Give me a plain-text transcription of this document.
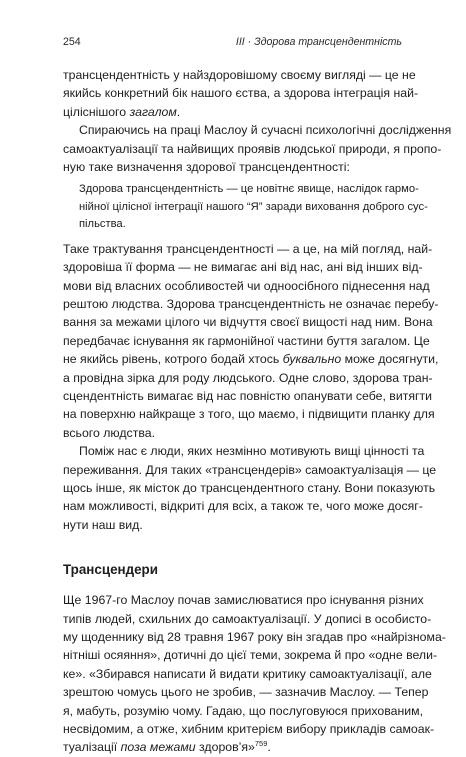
254	III · Здорова трансцендентність
трансцендентність у найздоровішому своєму вигляді — це не
якийсь конкретний бік нашого єства, а здорова інтеграція най-
ціліснішого загалом.
Спираючись на праці Маслоу й сучасні психологічні дослідження
самоактуалізації та найвищих проявів людської природи, я пропо-
ную таке визначення здорової трансцендентності:
Здорова трансцендентність — це новітнє явище, наслідок гармо-
нійної цілісної інтеграції нашого “Я” заради виховання доброго сус-
пільства.
Таке трактування трансцендентності — а це, на мій погляд, най-
здоровіша її форма — не вимагає ані від нас, ані від інших від-
мови від власних особливостей чи одноосібного піднесення над
рештою людства. Здорова трансцендентність не означає перебу-
вання за межами цілого чи відчуття своєї вищості над ним. Вона
передбачає існування як гармонійної частини буття загалом. Це
не якийсь рівень, котрого бодай хтось буквально може досягнути,
а провідна зірка для роду людського. Одне слово, здорова тран-
сцендентність вимагає від нас повністю опанувати себе, витягти
на поверхню найкраще з того, що маємо, і підвищити планку для
всього людства.
Поміж нас є люди, яких незмінно мотивують вищі цінності та
переживання. Для таких «трансцендерів» самоактуалізація — це
щось інше, як місток до трансцендентного стану. Вони показують
нам можливості, відкриті для всіх, а також те, чого може досяг-
нути наш вид.
Трансцендери
Ще 1967-го Маслоу почав замислюватися про існування різних
типів людей, схильних до самоактуалізації. У дописі в особисто-
му щоденнику від 28 травня 1967 року він згадав про «найрізнома-
нітніші осяяння», дотичні до цієї теми, зокрема й про «одне вели-
ке». «Збирався написати й видати критику самоактуалізації, але
зрештою чомусь цього не зробив, — зазначив Маслоу. — Тепер
я, мабуть, розумію чому. Гадаю, що послуговуюся прихованим,
несвідомим, а отже, хибним критерієм вибору прикладів самоак-
туалізації поза межами здоров’я»$^{759}$.
